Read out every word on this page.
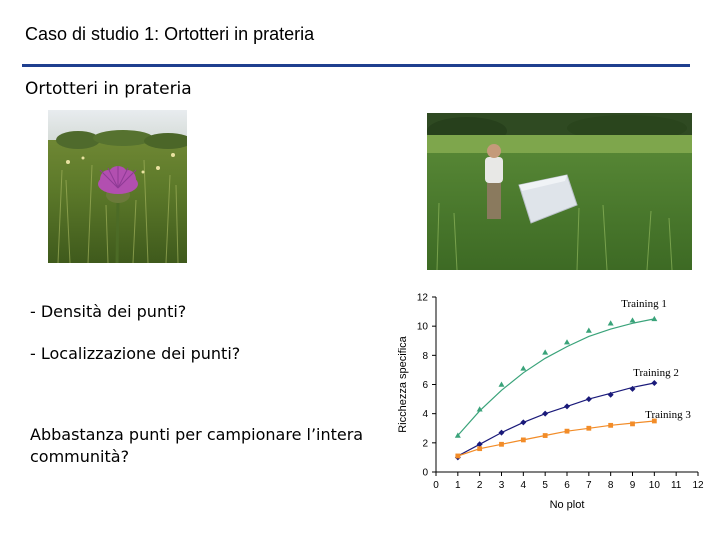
Caso di studio 1: Ortotteri in prateria
Ortotteri in prateria
- Densità dei punti?
- Localizzazione dei punti?
Abbastanza punti per campionare l’intera communità?
0
2
4
6
8
10
12
0 1 2 3 4 5 6 7 8 9 10 11 12
No plot
Ricchezza specifica
Training 1
Training 2
Training 3
